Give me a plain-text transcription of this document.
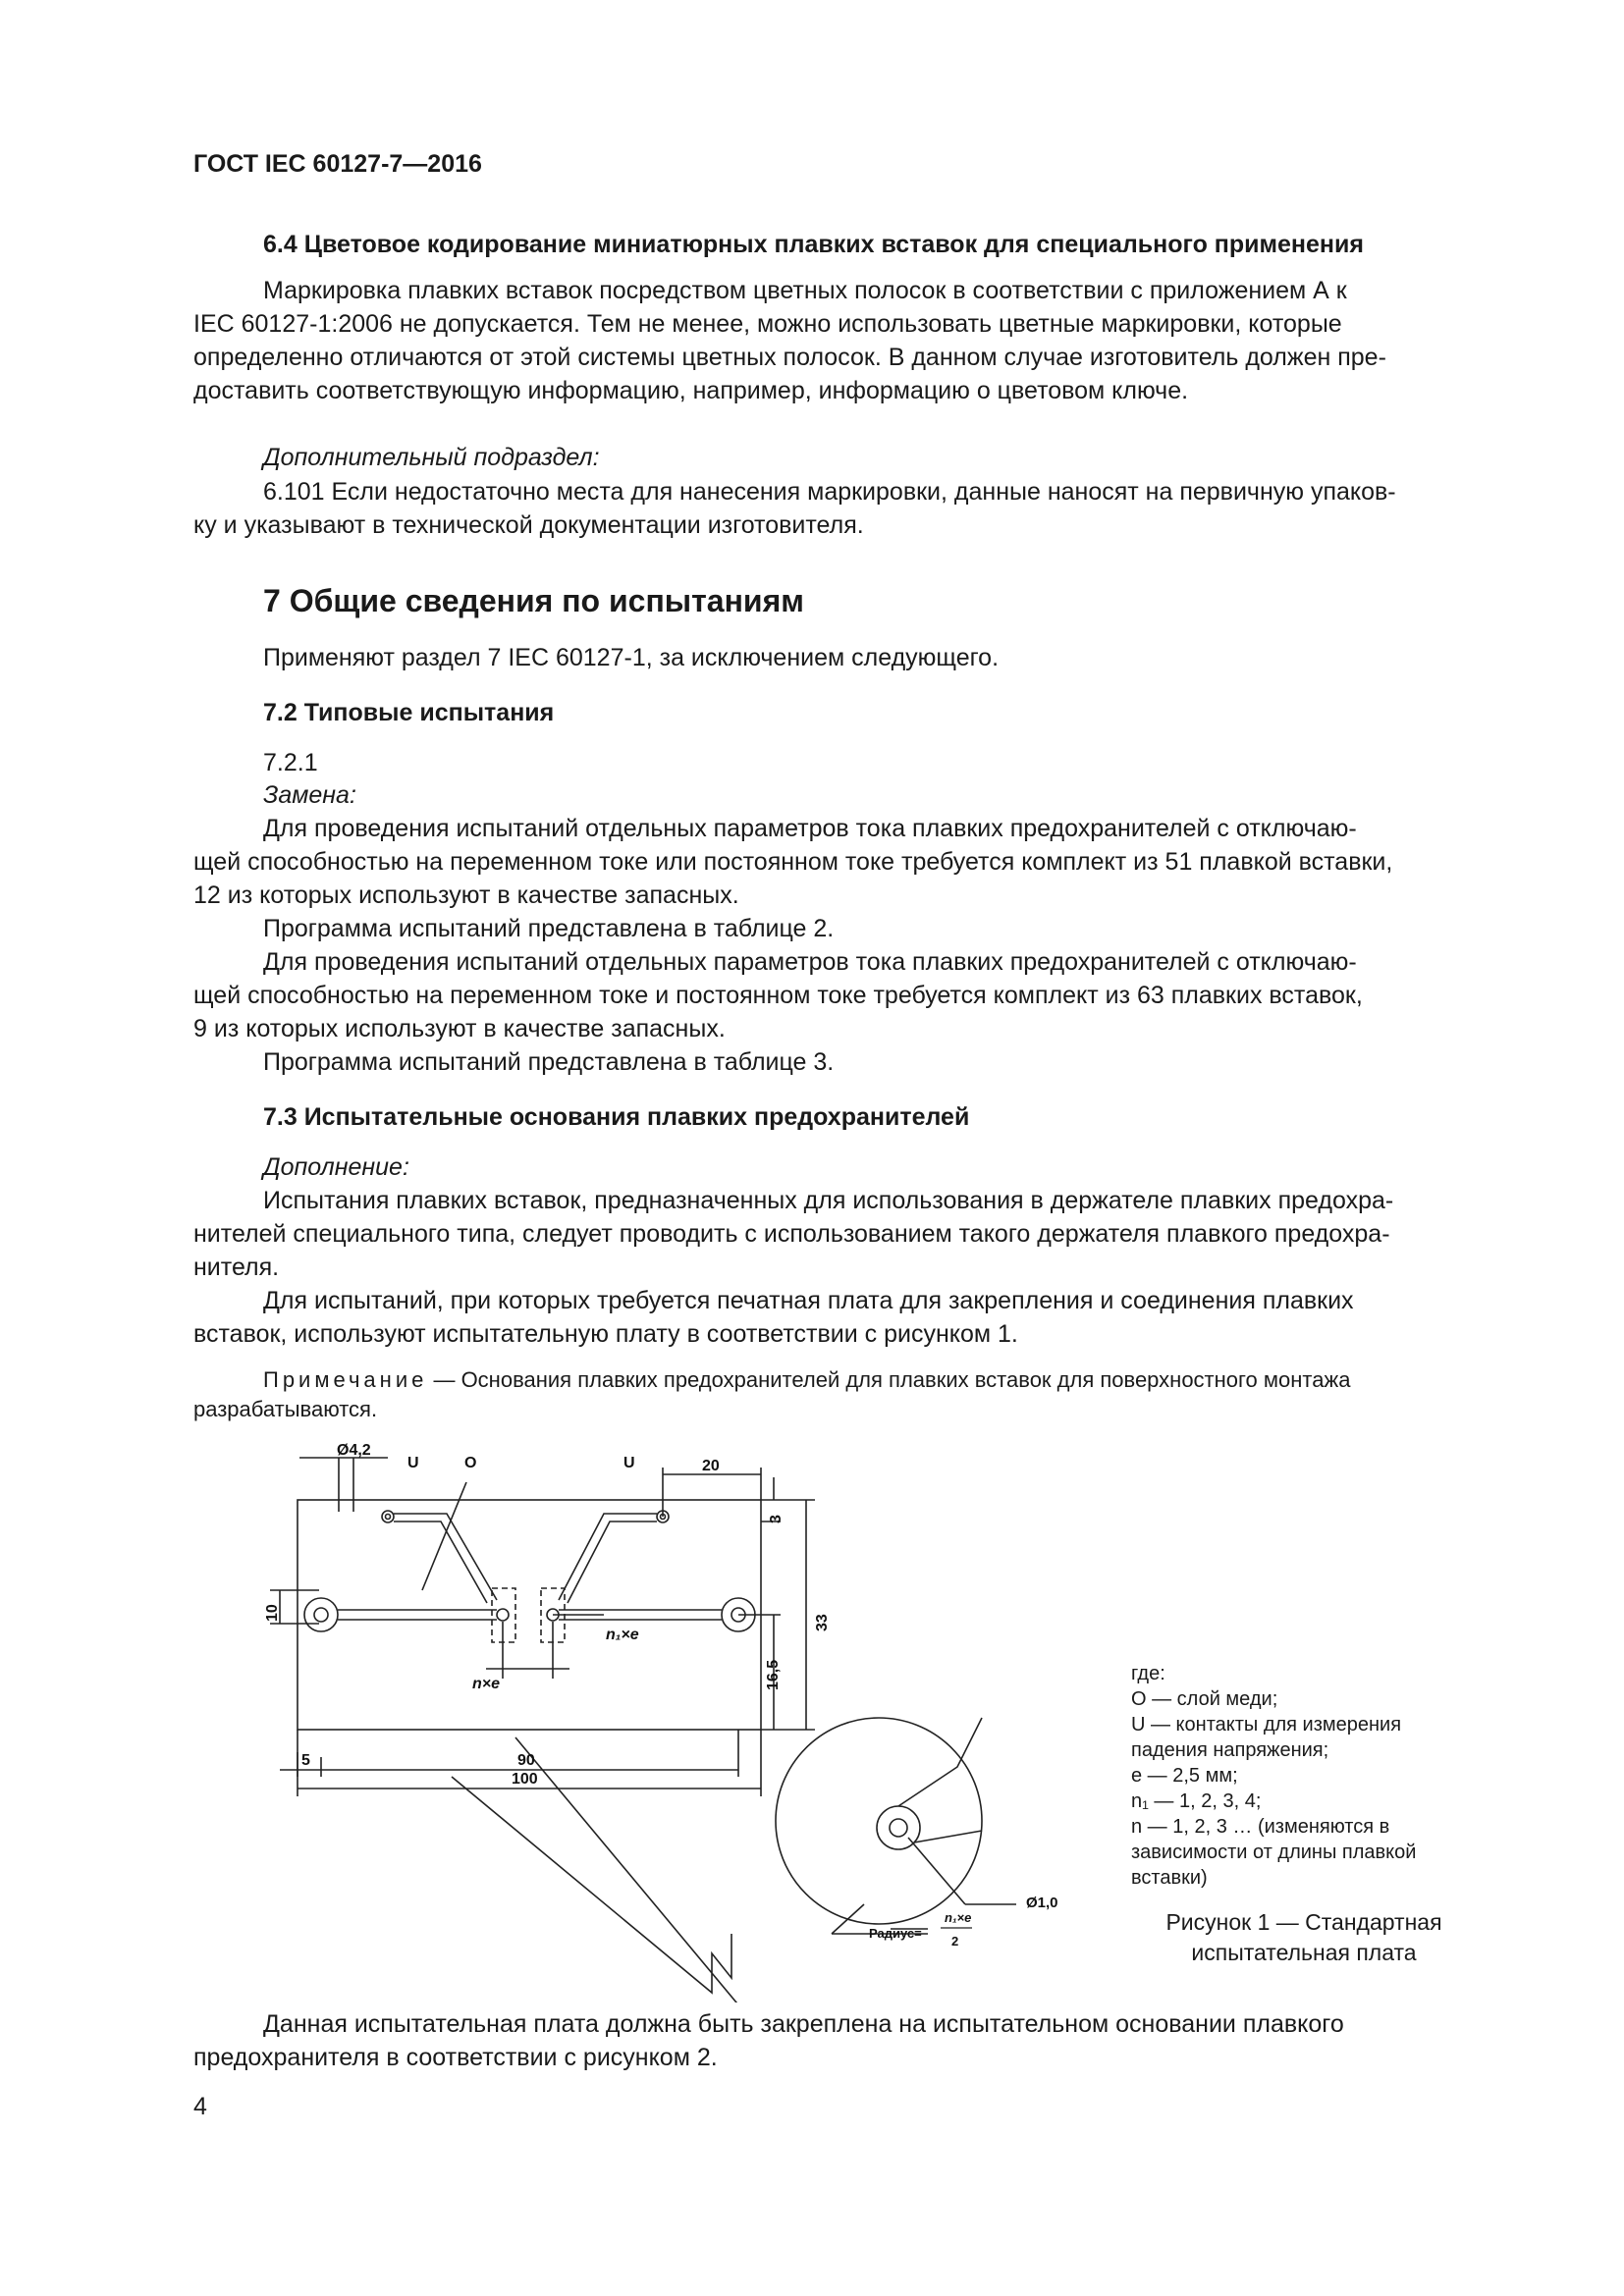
ГОСТ IEC 60127-7—2016
6.4 Цветовое кодирование миниатюрных плавких вставок для специального применения
Маркировка плавких вставок посредством цветных полосок в соответствии с приложением А к
IEC 60127-1:2006 не допускается. Тем не менее, можно использовать цветные маркировки, которые
определенно отличаются от этой системы цветных полосок. В данном случае изготовитель должен пре-
доставить соответствующую информацию, например, информацию о цветовом ключе.
Дополнительный подраздел:
6.101 Если недостаточно места для нанесения маркировки, данные наносят на первичную упаков-
ку и указывают в технической документации изготовителя.
7 Общие сведения по испытаниям
Применяют раздел 7 IEC 60127-1, за исключением следующего.
7.2 Типовые испытания
7.2.1
Замена:
Для проведения испытаний отдельных параметров тока плавких предохранителей с отключаю-
щей способностью на переменном токе или постоянном токе требуется комплект из 51 плавкой вставки,
12 из которых используют в качестве запасных.
Программа испытаний представлена в таблице 2.
Для проведения испытаний отдельных параметров тока плавких предохранителей с отключаю-
щей способностью на переменном токе и постоянном токе требуется комплект из 63 плавких вставок,
9 из которых используют в качестве запасных.
Программа испытаний представлена в таблице 3.
7.3 Испытательные основания плавких предохранителей
Дополнение:
Испытания плавких вставок, предназначенных для использования в держателе плавких предохра-
нителей специального типа, следует проводить с использованием такого держателя плавкого предохра-
нителя.
Для испытаний, при которых требуется печатная плата для закрепления и соединения плавких
вставок, используют испытательную плату в соответствии с рисунком 1.
Примечание — Основания плавких предохранителей для плавких вставок для поверхностного монтажа
разрабатываются.
Ø4,2
U	O	U	20
3
10
33
16,5
n₁×e
n×e
5	90
100
Ø1,0
Радиус=
n₁×e
2
где:
О — слой меди;
U — контакты для измерения
падения напряжения;
е — 2,5 мм;
n₁ — 1, 2, 3, 4;
n — 1, 2, 3 … (изменяются в
зависимости от длины плавкой
вставки)
Рисунок 1 — Стандартная
испытательная плата
Данная испытательная плата должна быть закреплена на испытательном основании плавкого
предохранителя в соответствии с рисунком 2.
4
